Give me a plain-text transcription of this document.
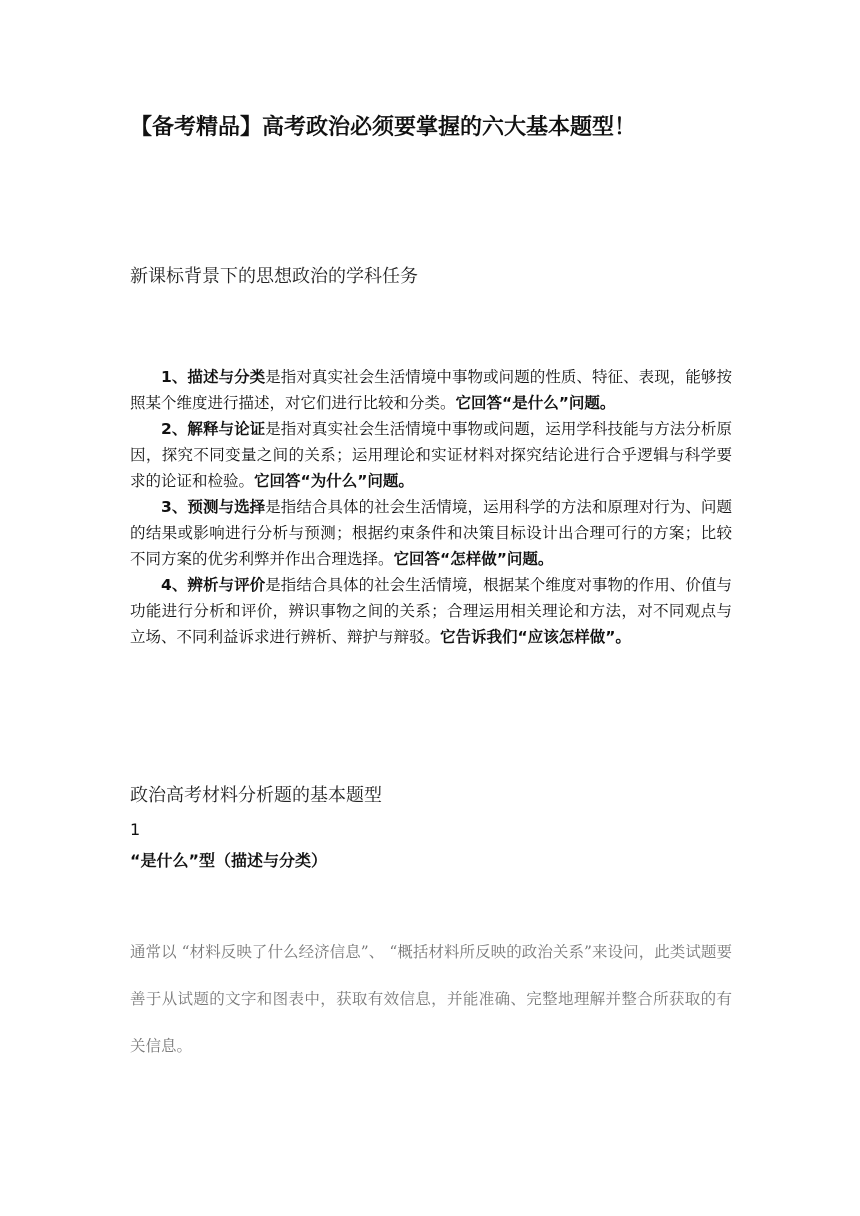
【备考精品】高考政治必须要掌握的六大基本题型！
新课标背景下的思想政治的学科任务

1、描述与分类是指对真实社会生活情境中事物或问题的性质、特征、表现，能够按照某个维度进行描述，对它们进行比较和分类。它回答“是什么”问题。

2、解释与论证是指对真实社会生活情境中事物或问题，运用学科技能与方法分析原因，探究不同变量之间的关系；运用理论和实证材料对探究结论进行合乎逻辑与科学要求的论证和检验。它回答“为什么”问题。

3、预测与选择是指结合具体的社会生活情境，运用科学的方法和原理对行为、问题的结果或影响进行分析与预测；根据约束条件和决策目标设计出合理可行的方案；比较不同方案的优劣利弊并作出合理选择。它回答“怎样做”问题。

4、辨析与评价是指结合具体的社会生活情境，根据某个维度对事物的作用、价值与功能进行分析和评价，辨识事物之间的关系；合理运用相关理论和方法，对不同观点与立场、不同利益诉求进行辨析、辩护与辩驳。它告诉我们“应该怎样做”。

政治高考材料分析题的基本题型
1
“是什么”型（描述与分类）
通常以 “材料反映了什么经济信息”、 “概括材料所反映的政治关系”来设问，此类试题要善于从试题的文字和图表中，获取有效信息，并能准确、完整地理解并整合所获取的有关信息。
